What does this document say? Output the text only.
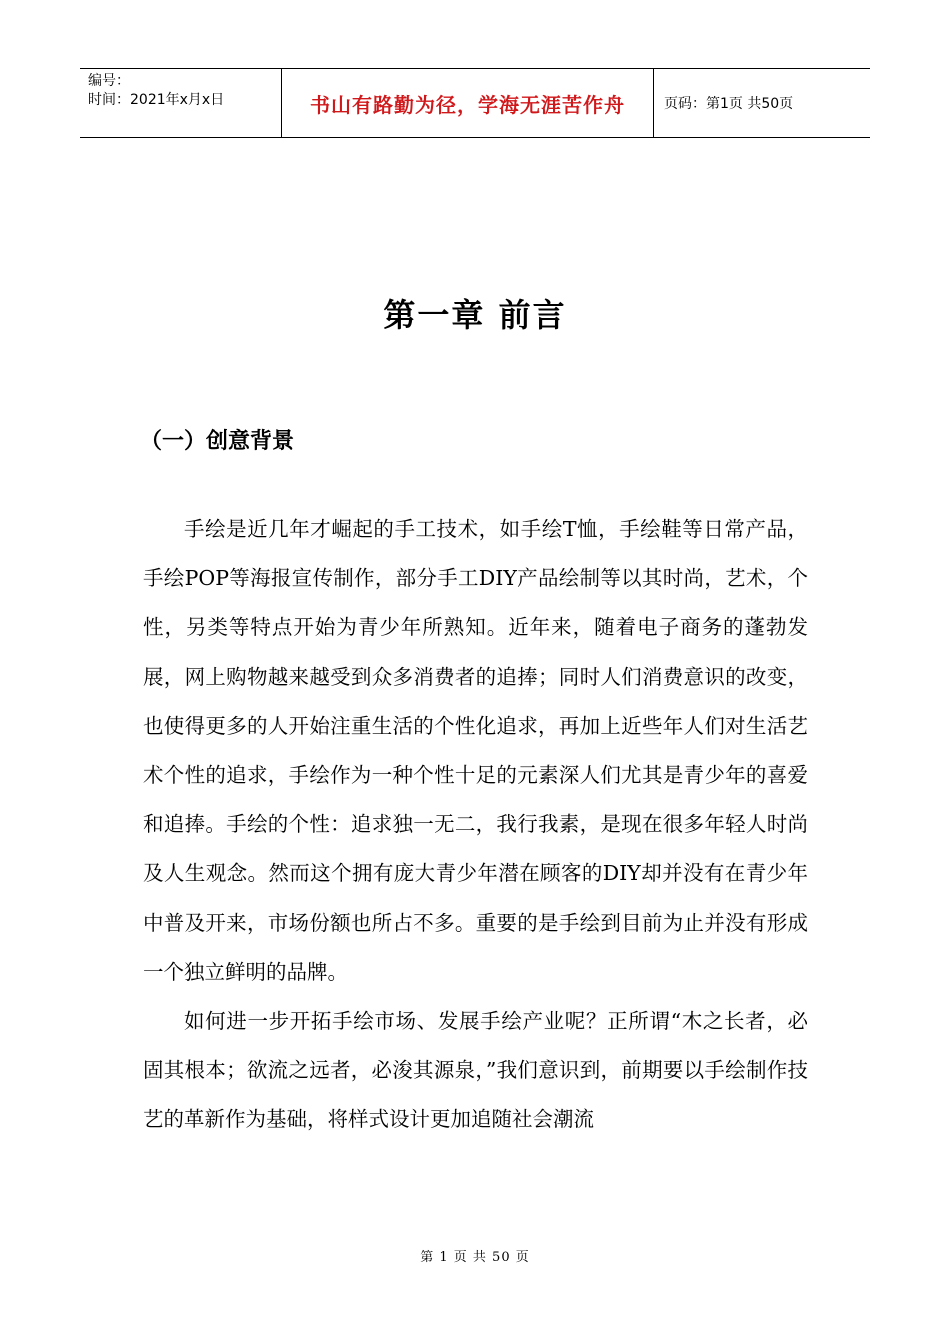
编号：
时间：2021年x月x日	书山有路勤为径，学海无涯苦作舟	页码：第1页 共50页
第一章 前言
（一）创意背景

手绘是近几年才崛起的手工技术，如手绘T恤，手绘鞋等日常产品，手绘POP等海报宣传制作，部分手工DIY产品绘制等以其时尚，艺术，个性，另类等特点开始为青少年所熟知。近年来，随着电子商务的蓬勃发展，网上购物越来越受到众多消费者的追捧；同时人们消费意识的改变，也使得更多的人开始注重生活的个性化追求，再加上近些年人们对生活艺术个性的追求，手绘作为一种个性十足的元素深人们尤其是青少年的喜爱和追捧。手绘的个性：追求独一无二，我行我素，是现在很多年轻人时尚及人生观念。然而这个拥有庞大青少年潜在顾客的DIY却并没有在青少年中普及开来，市场份额也所占不多。重要的是手绘到目前为止并没有形成一个独立鲜明的品牌。

如何进一步开拓手绘市场、发展手绘产业呢？正所谓“木之长者，必固其根本；欲流之远者，必浚其源泉，”我们意识到，前期要以手绘制作技艺的革新作为基础，将样式设计更加追随社会潮流

第 1 页 共 50 页
